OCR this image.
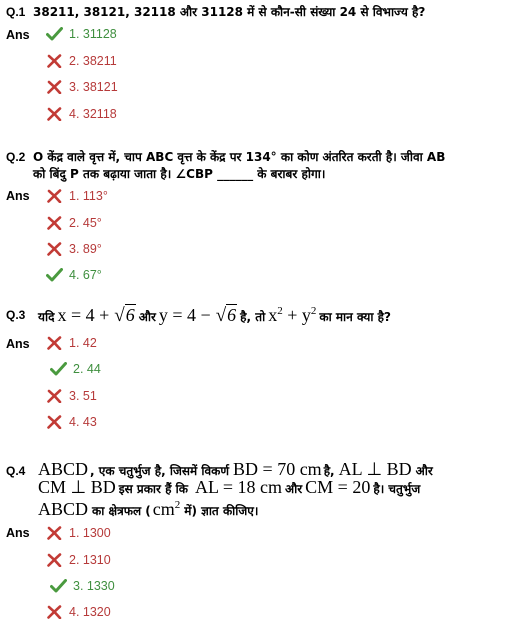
Q.1 38211, 38121, 32118 और 31128 में से कौन-सी संख्या 24 से विभाज्य है?
Ans	1. 31128
2. 38211
3. 38121
4. 32118
Q.2 O केंद्र वाले वृत्त में, चाप ABC वृत्त के केंद्र पर 134° का कोण अंतरित करती है। जीवा AB
को बिंदु P तक बढ़ाया जाता है। ∠CBP ______ के बराबर होगा।
Ans	1. 113°
2. 45°
3. 89°
4. 67°
Q.3 यदि x = 4 + √6 और y = 4 − √6 है, तो $x^2 + y^2$ का मान क्या है?
Ans	1. 42
2. 44
3. 51
4. 43
Q.4 ABCD , एक चतुर्भुज है, जिसमें विकर्ण BD = 70 cm है, AL ⊥ BD और
CM ⊥ BD इस प्रकार हैं कि AL = 18 cm और CM = 20 है। चतुर्भुज
ABCD का क्षेत्रफल ( $cm^2$ में) ज्ञात कीजिए।
Ans	1. 1300
2. 1310
3. 1330
4. 1320
